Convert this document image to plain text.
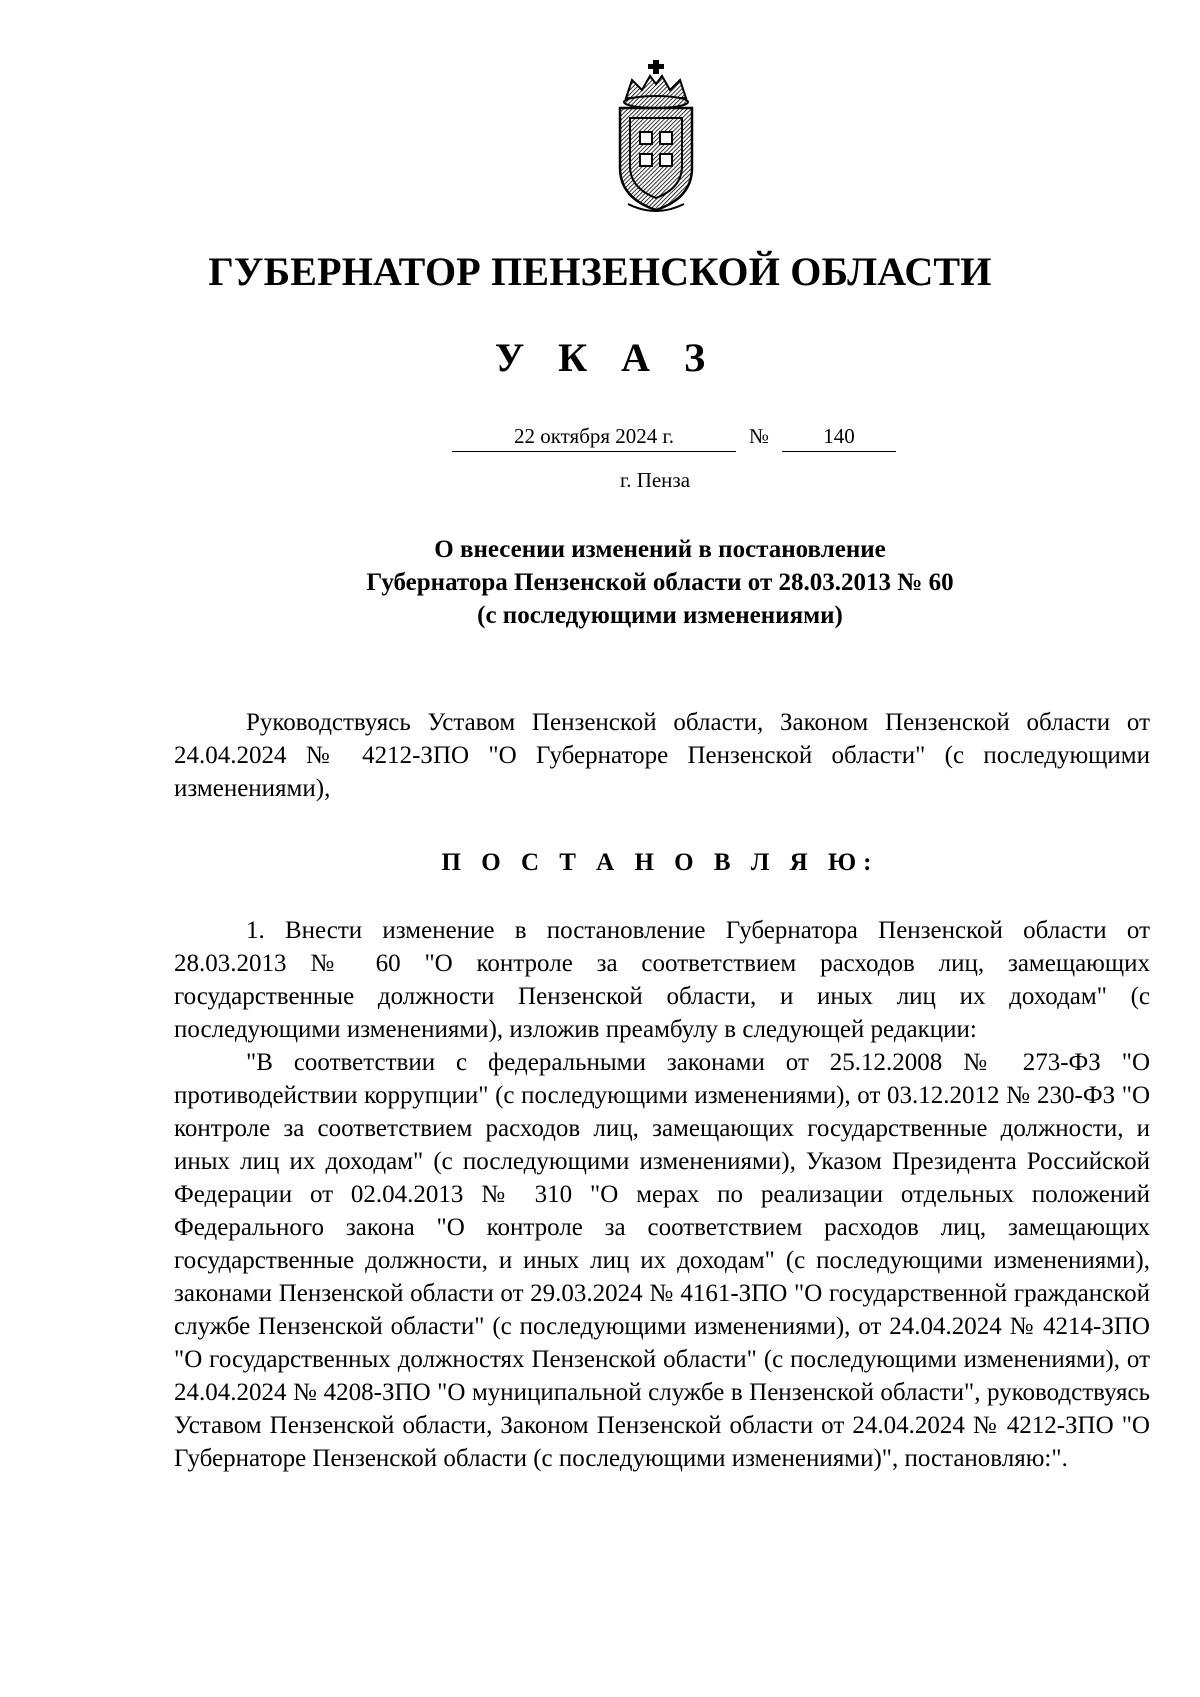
ГУБЕРНАТОР ПЕНЗЕНСКОЙ ОБЛАСТИ
У К А З
22 октября 2024 г.	№	140
г. Пенза
О внесении изменений в постановление
Губернатора Пензенской области от 28.03.2013 № 60
(с последующими изменениями)

Руководствуясь Уставом Пензенской области, Законом Пензенской области от 24.04.2024 № 4212-ЗПО "О Губернаторе Пензенской области" (с последующими изменениями),

П О С Т А Н О В Л Я Ю:

1. Внести изменение в постановление Губернатора Пензенской области от 28.03.2013 № 60 "О контроле за соответствием расходов лиц, замещающих государственные должности Пензенской области, и иных лиц их доходам" (с последующими изменениями), изложив преамбулу в следующей редакции:

"В соответствии с федеральными законами от 25.12.2008 № 273-ФЗ "О противодействии коррупции" (с последующими изменениями), от 03.12.2012 № 230-ФЗ "О контроле за соответствием расходов лиц, замещающих государственные должности, и иных лиц их доходам" (с последующими изменениями), Указом Президента Российской Федерации от 02.04.2013 № 310 "О мерах по реализации отдельных положений Федерального закона "О контроле за соответствием расходов лиц, замещающих государственные должности, и иных лиц их доходам" (с последующими изменениями), законами Пензенской области от 29.03.2024 № 4161-ЗПО "О государственной гражданской службе Пензенской области" (с последующими изменениями), от 24.04.2024 № 4214-ЗПО "О государственных должностях Пензенской области" (с последующими изменениями), от 24.04.2024 № 4208-ЗПО "О муниципальной службе в Пензенской области", руководствуясь Уставом Пензенской области, Законом Пензенской области от 24.04.2024 № 4212-ЗПО "О Губернаторе Пензенской области (с последующими изменениями)", постановляю:".
